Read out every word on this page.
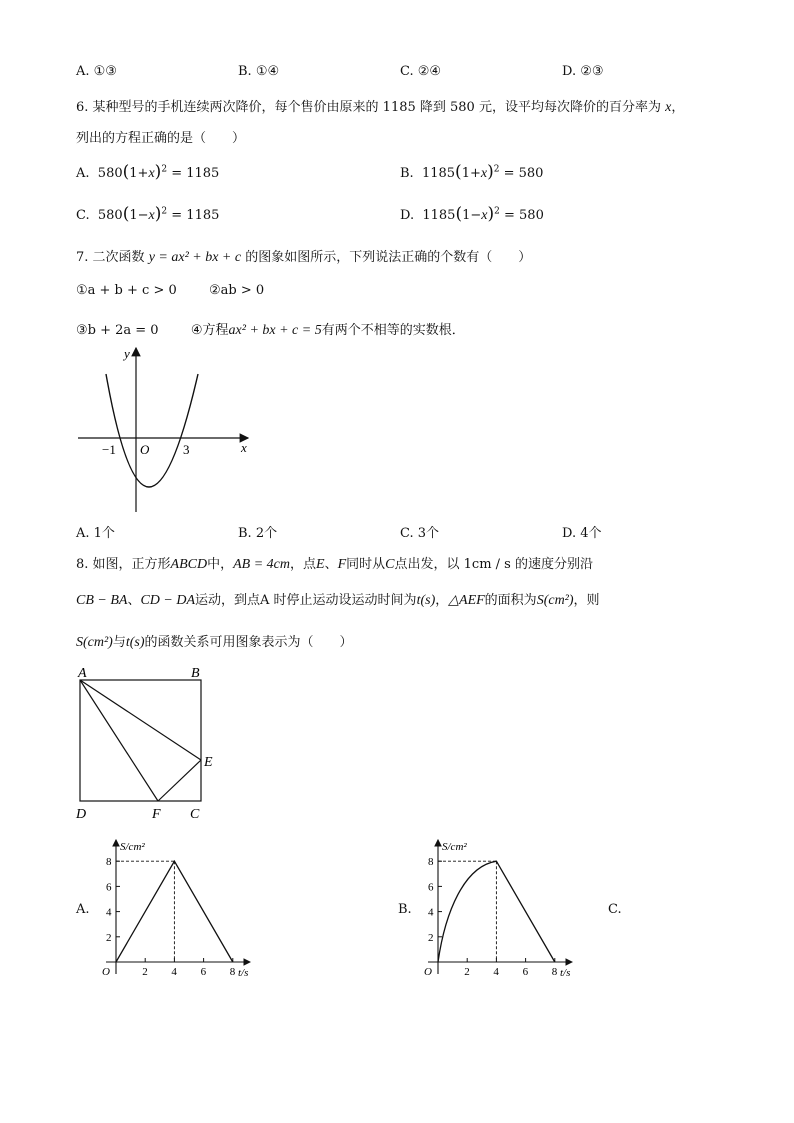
A. ①③	B. ①④	C. ②④	D. ②③
6. 某种型号的手机连续两次降价，每个售价由原来的 1185 降到 580 元，设平均每次降价的百分率为 x，
列出的方程正确的是（　　）
A. $580(1+x)^2 = 1185$	B. $1185(1+x)^2 = 580$
C. $580(1-x)^2 = 1185$	D. $1185(1-x)^2 = 580$
7. 二次函数 y = ax² + bx + c 的图象如图所示，下列说法正确的个数有（　　）
①a + b + c > 0 ②ab > 0
③b + 2a = 0 ④方程ax² + bx + c = 5有两个不相等的实数根．
y
x
O
−1	3
A. 1个	B. 2个	C. 3个	D. 4个
8. 如图，正方形ABCD中，AB = 4cm，点E、F同时从C点出发，以 1cm / s 的速度分别沿
CB − BA、CD − DA运动，到点A 时停止运动设运动时间为t(s)，△AEF的面积为S(cm²)，则
S(cm²)与t(s)的函数关系可用图象表示为（　　）
A	B
C
D
E
F
A.	B.	C.
S/cm²
t/s
O
2
4
6
8
2 4 6 8
S/cm²
t/s
O
2
4
6
8
2 4 6 8
